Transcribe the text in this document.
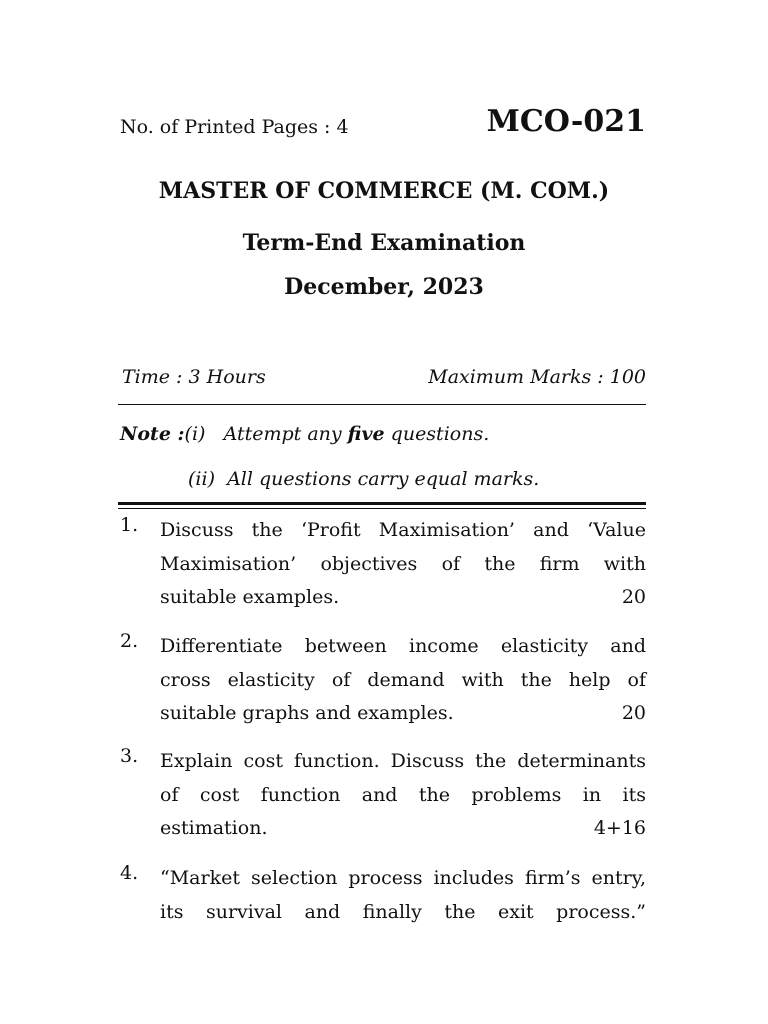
No. of Printed Pages : 4	MCO-021
MASTER OF COMMERCE (M. COM.)
Term-End Examination
December, 2023
Time : 3 Hours	Maximum Marks : 100
Note :(i) Attempt any five questions.
(ii) All questions carry equal marks.
1.	Discuss the ‘Profit Maximisation’ and ‘Value
Maximisation’ objectives of the firm with
suitable examples.	20
2.	Differentiate between income elasticity and
cross elasticity of demand with the help of
suitable graphs and examples.	20
3.	Explain cost function. Discuss the determinants
of cost function and the problems in its
estimation.	4+16
4.	“Market selection process includes firm’s entry,
its survival and finally the exit process.”
